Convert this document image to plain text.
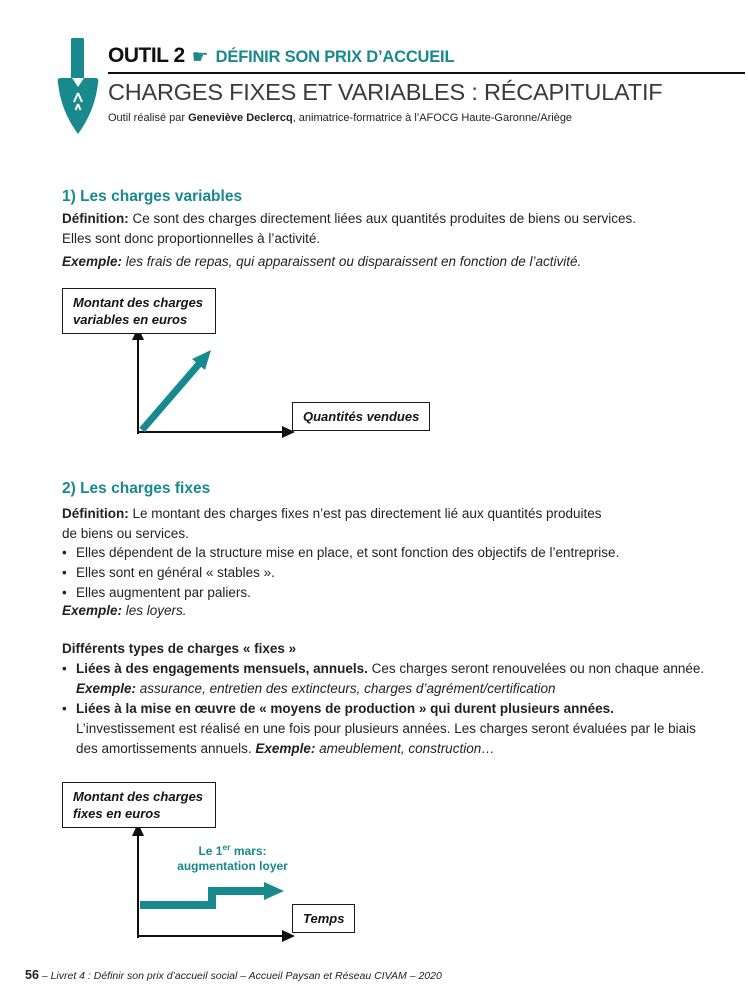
OUTIL 2 ☛ DÉFINIR SON PRIX D’ACCUEIL
CHARGES FIXES ET VARIABLES : RÉCAPITULATIF
Outil réalisé par Geneviève Declercq, animatrice-formatrice à l’AFOCG Haute-Garonne/Ariège
1) Les charges variables
Définition: Ce sont des charges directement liées aux quantités produites de biens ou services.
Elles sont donc proportionnelles à l’activité.
Exemple: les frais de repas, qui apparaissent ou disparaissent en fonction de l’activité.
Montant des charges variables en euros
Quantités vendues
2) Les charges fixes
Définition: Le montant des charges fixes n’est pas directement lié aux quantités produites
de biens ou services.
• Elles dépendent de la structure mise en place, et sont fonction des objectifs de l’entreprise.
• Elles sont en général « stables ».
• Elles augmentent par paliers.
Exemple: les loyers.
Différents types de charges « fixes »
• Liées à des engagements mensuels, annuels. Ces charges seront renouvelées ou non chaque année. Exemple: assurance, entretien des extincteurs, charges d’agrément/certification
• Liées à la mise en œuvre de « moyens de production » qui durent plusieurs années. L’investissement est réalisé en une fois pour plusieurs années. Les charges seront évaluées par le biais des amortissements annuels. Exemple: ameublement, construction…
Montant des charges fixes en euros
Le 1er mars:
augmentation loyer
Temps
56 – Livret 4 : Définir son prix d’accueil social – Accueil Paysan et Réseau CIVAM – 2020
